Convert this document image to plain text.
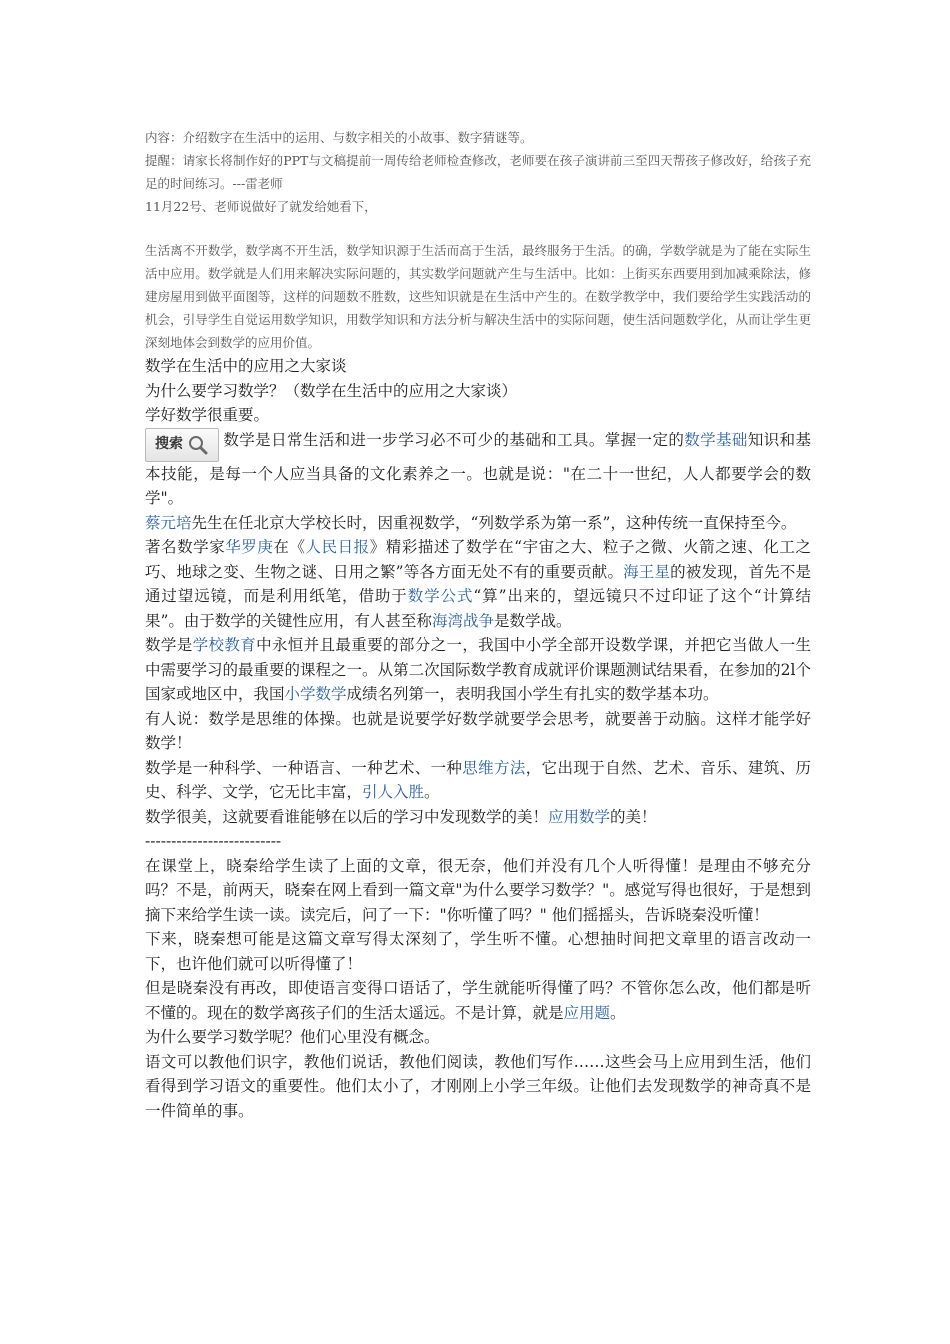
内容：介绍数字在生活中的运用、与数字相关的小故事、数字猜谜等。

提醒：请家长将制作好的PPT与文稿提前一周传给老师检查修改，老师要在孩子演讲前三至四天帮孩子修改好，给孩子充足的时间练习。---雷老师

11月22号、老师说做好了就发给她看下，

生活离不开数学，数学离不开生活，数学知识源于生活而高于生活，最终服务于生活。的确，学数学就是为了能在实际生活中应用。数学就是人们用来解决实际问题的，其实数学问题就产生与生活中。比如：上街买东西要用到加减乘除法，修建房屋用到做平面图等，这样的问题数不胜数，这些知识就是在生活中产生的。在数学教学中，我们要给学生实践活动的机会，引导学生自觉运用数学知识，用数学知识和方法分析与解决生活中的实际问题，使生活问题数学化，从而让学生更深刻地体会到数学的应用价值。

数学在生活中的应用之大家谈

为什么要学习数学？（数学在生活中的应用之大家谈）

学好数学很重要。

搜索	数学是日常生活和进一步学习必不可少的基础和工具。掌握一定的数学基础知识和基本技能，是每一个人应当具备的文化素养之一。也就是说："在二十一世纪，人人都要学会的数学"。

蔡元培先生在任北京大学校长时，因重视数学，“列数学系为第一系”，这种传统一直保持至今。

著名数学家华罗庚在《人民日报》精彩描述了数学在“宇宙之大、粒子之微、火箭之速、化工之巧、地球之变、生物之谜、日用之繁”等各方面无处不有的重要贡献。海王星的被发现，首先不是通过望远镜，而是利用纸笔，借助于数学公式“算”出来的，望远镜只不过印证了这个“计算结果”。由于数学的关键性应用，有人甚至称海湾战争是数学战。

数学是学校教育中永恒并且最重要的部分之一，我国中小学全部开设数学课，并把它当做人一生中需要学习的最重要的课程之一。从第二次国际数学教育成就评价课题测试结果看，在参加的2l个国家或地区中，我国小学数学成绩名列第一，表明我国小学生有扎实的数学基本功。

有人说：数学是思维的体操。也就是说要学好数学就要学会思考，就要善于动脑。这样才能学好数学！

数学是一种科学、一种语言、一种艺术、一种思维方法，它出现于自然、艺术、音乐、建筑、历史、科学、文学，它无比丰富，引人入胜。

数学很美，这就要看谁能够在以后的学习中发现数学的美！应用数学的美！

--------------------------

在课堂上，晓秦给学生读了上面的文章，很无奈，他们并没有几个人听得懂！是理由不够充分吗？不是，前两天，晓秦在网上看到一篇文章"为什么要学习数学？"。感觉写得也很好，于是想到摘下来给学生读一读。读完后，问了一下："你听懂了吗？" 他们摇摇头，告诉晓秦没听懂！

下来，晓秦想可能是这篇文章写得太深刻了，学生听不懂。心想抽时间把文章里的语言改动一下，也许他们就可以听得懂了！

但是晓秦没有再改，即使语言变得口语话了，学生就能听得懂了吗？不管你怎么改，他们都是听不懂的。现在的数学离孩子们的生活太遥远。不是计算，就是应用题。

为什么要学习数学呢？他们心里没有概念。

语文可以教他们识字，教他们说话，教他们阅读，教他们写作……这些会马上应用到生活，他们看得到学习语文的重要性。他们太小了，才刚刚上小学三年级。让他们去发现数学的神奇真不是一件简单的事。
